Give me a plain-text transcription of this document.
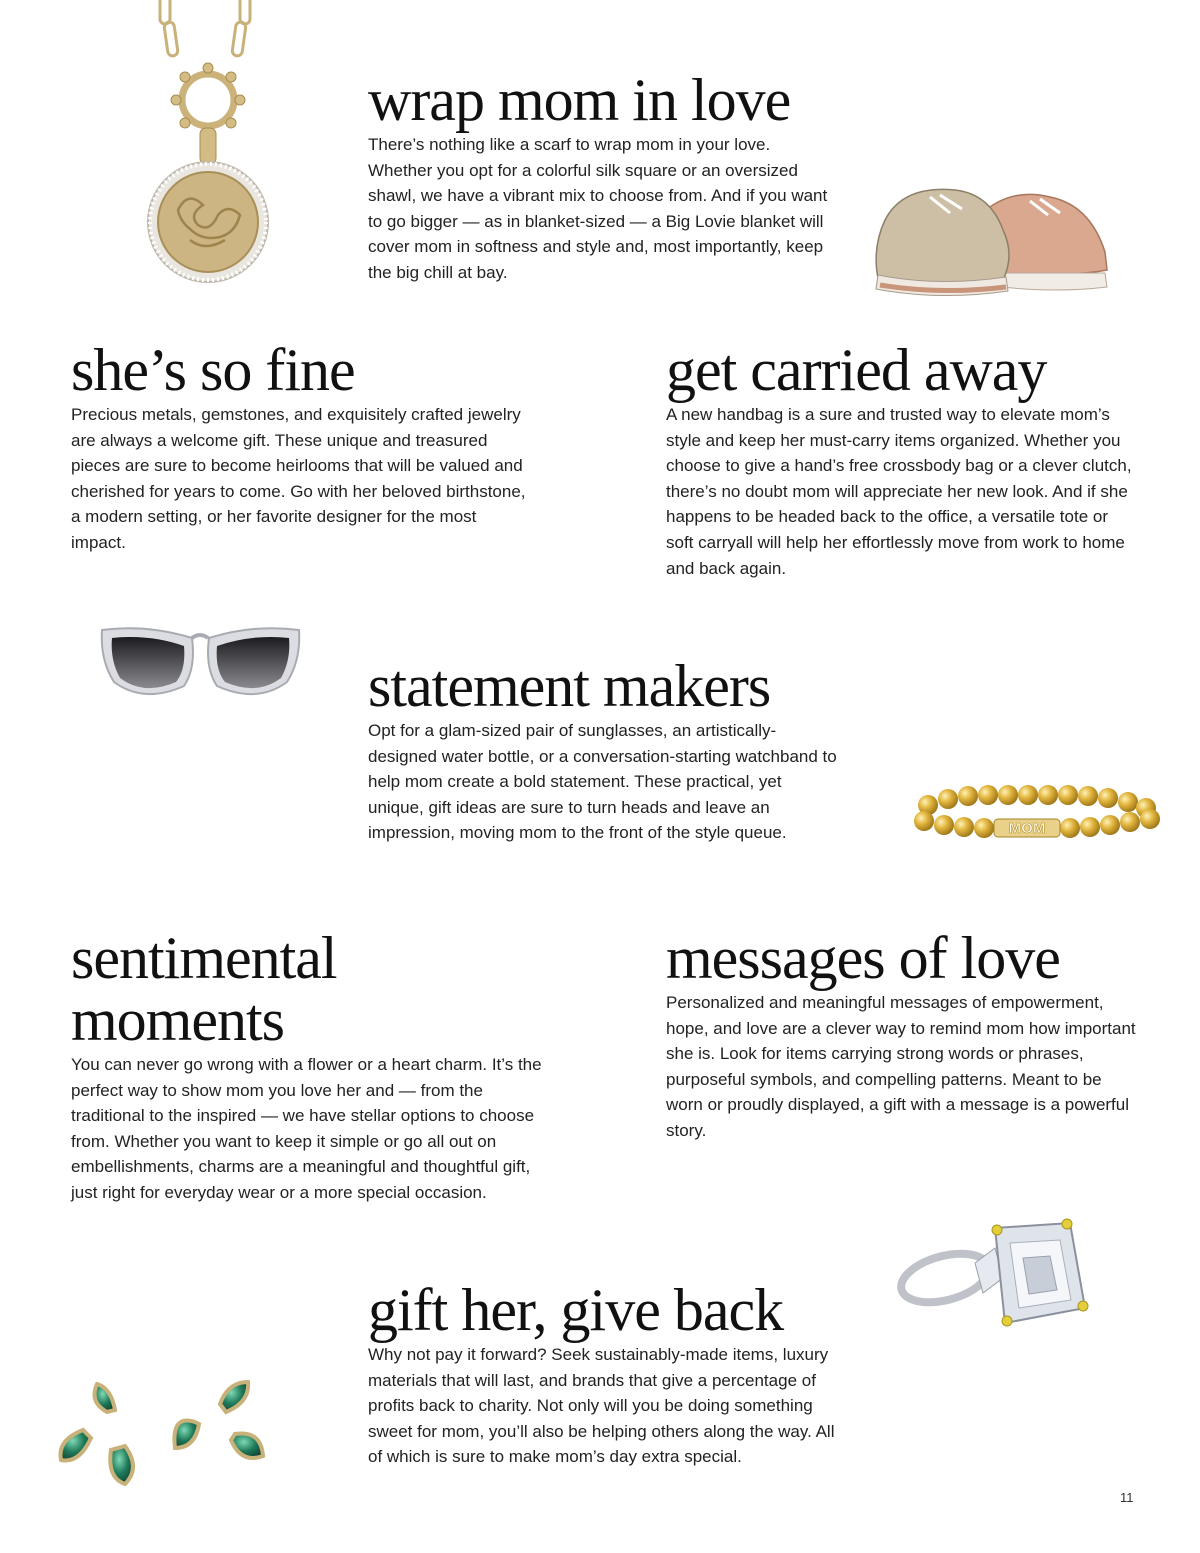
MOM
wrap mom in love

There’s nothing like a scarf to wrap mom in your love. Whether you opt for a colorful silk square or an oversized shawl, we have a vibrant mix to choose from. And if you want to go bigger — as in blanket-sized — a Big Lovie blanket will cover mom in softness and style and, most importantly, keep the big chill at bay.

she’s so fine

Precious metals, gemstones, and exquisitely crafted jewelry are always a welcome gift. These unique and treasured pieces are sure to become heirlooms that will be valued and cherished for years to come. Go with her beloved birthstone, a modern setting, or her favorite designer for the most impact.

get carried away

A new handbag is a sure and trusted way to elevate mom’s style and keep her must-carry items organized. Whether you choose to give a hand’s free crossbody bag or a clever clutch, there’s no doubt mom will appreciate her new look. And if she happens to be headed back to the office, a versatile tote or soft carryall will help her effortlessly move from work to home and back again.

statement makers

Opt for a glam-sized pair of sunglasses, an artistically-designed water bottle, or a conversation-starting watchband to help mom create a bold statement. These practical, yet unique, gift ideas are sure to turn heads and leave an impression, moving mom to the front of the style queue.

sentimental
moments

You can never go wrong with a flower or a heart charm. It’s the perfect way to show mom you love her and — from the traditional to the inspired — we have stellar options to choose from. Whether you want to keep it simple or go all out on embellishments, charms are a meaningful and thoughtful gift, just right for everyday wear or a more special occasion.

messages of love

Personalized and meaningful messages of empowerment, hope, and love are a clever way to remind mom how important she is. Look for items carrying strong words or phrases, purposeful symbols, and compelling patterns. Meant to be worn or proudly displayed, a gift with a message is a powerful story.

gift her, give back

Why not pay it forward? Seek sustainably-made items, luxury materials that will last, and brands that give a percentage of profits back to charity. Not only will you be doing something sweet for mom, you’ll also be helping others along the way. All of which is sure to make mom’s day extra special.

11
